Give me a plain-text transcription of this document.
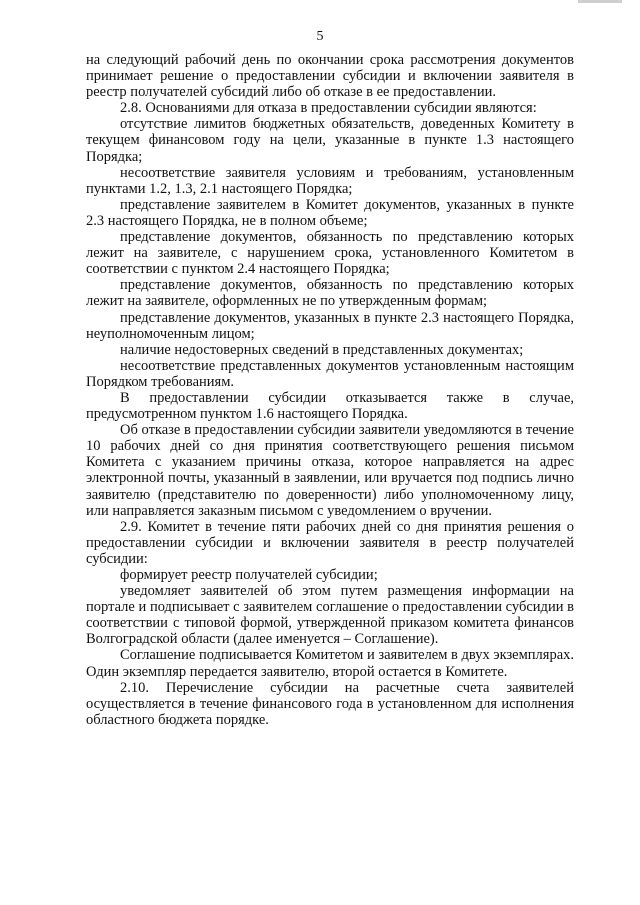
5

на следующий рабочий день по окончании срока рассмотрения документов принимает решение о предоставлении субсидии и включении заявителя в реестр получателей субсидий либо об отказе в ее предоставлении.

2.8. Основаниями для отказа в предоставлении субсидии являются:

отсутствие лимитов бюджетных обязательств, доведенных Комитету в текущем финансовом году на цели, указанные в пункте 1.3 настоящего Порядка;

несоответствие заявителя условиям и требованиям, установленным пунктами 1.2, 1.3, 2.1 настоящего Порядка;

представление заявителем в Комитет документов, указанных в пункте 2.3 настоящего Порядка, не в полном объеме;

представление документов, обязанность по представлению которых лежит на заявителе, с нарушением срока, установленного Комитетом в соответствии с пунктом 2.4 настоящего Порядка;

представление документов, обязанность по представлению которых лежит на заявителе, оформленных не по утвержденным формам;

представление документов, указанных в пункте 2.3 настоящего Порядка, неуполномоченным лицом;

наличие недостоверных сведений в представленных документах;

несоответствие представленных документов установленным настоящим Порядком требованиям.

В предоставлении субсидии отказывается также в случае, предусмотренном пунктом 1.6 настоящего Порядка.

Об отказе в предоставлении субсидии заявители уведомляются в течение 10 рабочих дней со дня принятия соответствующего решения письмом Комитета с указанием причины отказа, которое направляется на адрес электронной почты, указанный в заявлении, или вручается под подпись лично заявителю (представителю по доверенности) либо уполномоченному лицу, или направляется заказным письмом с уведомлением о вручении.

2.9. Комитет в течение пяти рабочих дней со дня принятия решения о предоставлении субсидии и включении заявителя в реестр получателей субсидии:

формирует реестр получателей субсидии;

уведомляет заявителей об этом путем размещения информации на портале и подписывает с заявителем соглашение о предоставлении субсидии в соответствии с типовой формой, утвержденной приказом комитета финансов Волгоградской области (далее именуется – Соглашение).

Соглашение подписывается Комитетом и заявителем в двух экземплярах. Один экземпляр передается заявителю, второй остается в Комитете.

2.10. Перечисление субсидии на расчетные счета заявителей осуществляется в течение финансового года в установленном для исполнения областного бюджета порядке.
